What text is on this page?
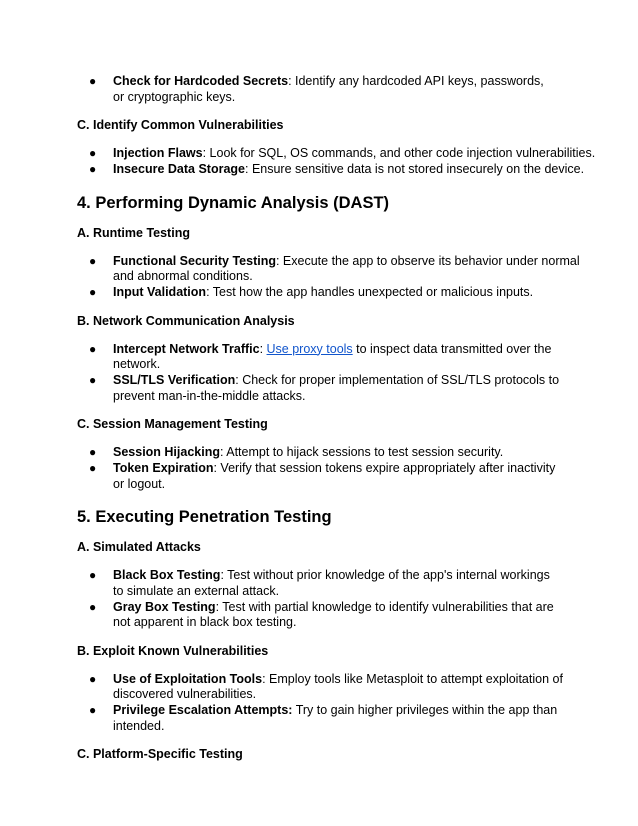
● Check for Hardcoded Secrets: Identify any hardcoded API keys, passwords, or cryptographic keys.
C. Identify Common Vulnerabilities
● Injection Flaws: Look for SQL, OS commands, and other code injection vulnerabilities.
● Insecure Data Storage: Ensure sensitive data is not stored insecurely on the device.
4. Performing Dynamic Analysis (DAST)
A. Runtime Testing
● Functional Security Testing: Execute the app to observe its behavior under normal and abnormal conditions.
● Input Validation: Test how the app handles unexpected or malicious inputs.
B. Network Communication Analysis
● Intercept Network Traffic: Use proxy tools to inspect data transmitted over the network.
● SSL/TLS Verification: Check for proper implementation of SSL/TLS protocols to prevent man-in-the-middle attacks.
C. Session Management Testing
● Session Hijacking: Attempt to hijack sessions to test session security.
● Token Expiration: Verify that session tokens expire appropriately after inactivity or logout.
5. Executing Penetration Testing
A. Simulated Attacks
● Black Box Testing: Test without prior knowledge of the app's internal workings to simulate an external attack.
● Gray Box Testing: Test with partial knowledge to identify vulnerabilities that are not apparent in black box testing.
B. Exploit Known Vulnerabilities
● Use of Exploitation Tools: Employ tools like Metasploit to attempt exploitation of discovered vulnerabilities.
● Privilege Escalation Attempts: Try to gain higher privileges within the app than intended.
C. Platform-Specific Testing
